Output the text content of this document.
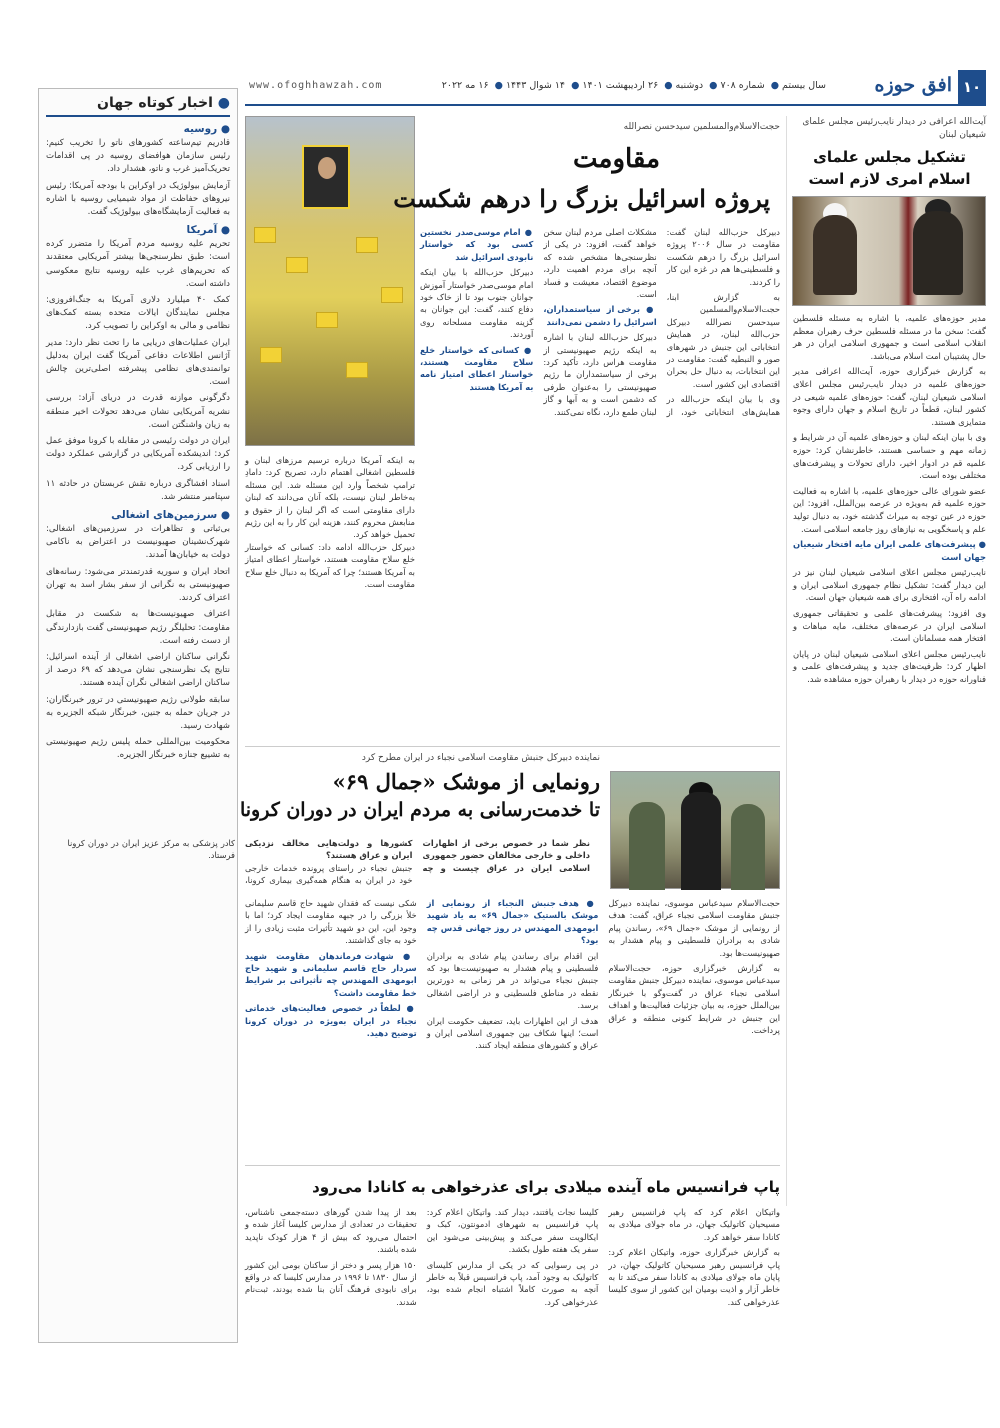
www.ofoghhawzah.com	سال بیستم● شماره ۷۰۸● دوشنبه● ۲۶ اردیبهشت ۱۴۰۱● ۱۴ شوال ۱۴۴۳● ۱۶ مه ۲۰۲۲	افق حوزه ۱۰
● اخبار کوتاه جهان
● روسیه

قادریم تیم‌ساعته کشورهای ناتو را تخریب کنیم: رئیس سازمان هوافضای روسیه در پی اقدامات تحریک‌آمیز غرب و ناتو، هشدار داد.

آزمایش بیولوژیک در اوکراین با بودجه آمریکا: رئیس نیروهای حفاظت از مواد شیمیایی روسیه با اشاره به فعالیت آزمایشگاه‌های بیولوژیک گفت.

● آمریکا

تحریم علیه روسیه مردم آمریکا را متضرر کرده است: طبق نظرسنجی‌ها بیشتر آمریکایی معتقدند که تحریم‌های غرب علیه روسیه نتایج معکوسی داشته است.

کمک ۴۰ میلیارد دلاری آمریکا به جنگ‌افروزی: مجلس نمایندگان ایالات متحده بسته کمک‌های نظامی و مالی به اوکراین را تصویب کرد.

ایران عملیات‌های دریایی ما را تحت نظر دارد: مدیر آژانس اطلاعات دفاعی آمریکا گفت ایران به‌دلیل توانمندی‌های نظامی پیشرفته اصلی‌ترین چالش است.

دگرگونی موازنه قدرت در دریای آزاد: بررسی نشریه آمریکایی نشان می‌دهد تحولات اخیر منطقه به زیان واشنگتن است.

ایران در دولت رئیسی در مقابله با کرونا موفق عمل کرد: اندیشکده آمریکایی در گزارشی عملکرد دولت را ارزیابی کرد.

اسناد افشاگری درباره نقش عربستان در حادثه ۱۱ سپتامبر منتشر شد.

● سرزمین‌های اشغالی

بی‌ثباتی و تظاهرات در سرزمین‌های اشغالی: شهرک‌نشینان صهیونیست در اعتراض به ناکامی دولت به خیابان‌ها آمدند.

اتحاد ایران و سوریه قدرتمندتر می‌شود: رسانه‌های صهیونیستی به نگرانی از سفر بشار اسد به تهران اعتراف کردند.

اعتراف صهیونیست‌ها به شکست در مقابل مقاومت: تحلیلگر رژیم صهیونیستی گفت بازدارندگی از دست رفته است.

نگرانی ساکنان اراضی اشغالی از آینده اسرائیل: نتایج یک نظرسنجی نشان می‌دهد که ۶۹ درصد از ساکنان اراضی اشغالی نگران آینده هستند.

سابقه طولانی رژیم صهیونیستی در ترور خبرنگاران: در جریان حمله به جنین، خبرنگار شبکه الجزیره به شهادت رسید.

محکومیت بین‌المللی حمله پلیس رژیم صهیونیستی به تشییع جنازه خبرنگار الجزیره.

حجت‌الاسلام‌والمسلمین سیدحسن نصرالله
مقاومت
پروژه اسرائیل بزرگ را درهم شکست

دبیرکل حزب‌الله لبنان گفت: مقاومت در سال ۲۰۰۶ پروژه اسرائیل بزرگ را درهم شکست و فلسطینی‌ها هم در غزه این کار را کردند.

به گزارش ابنا، حجت‌الاسلام‌والمسلمین سیدحسن نصرالله دبیرکل حزب‌الله لبنان، در همایش انتخاباتی این جنبش در شهرهای صور و النبطیه گفت: مقاومت در این انتخابات، به دنبال حل بحران اقتصادی این کشور است.

وی با بیان اینکه حزب‌الله در همایش‌های انتخاباتی خود، از مشکلات اصلی مردم لبنان سخن خواهد گفت، افزود: در یکی از نظرسنجی‌ها مشخص شده که آنچه برای مردم اهمیت دارد، موضوع اقتصاد، معیشت و فساد است.

● برخی از سیاستمداران، اسرائیل را دشمن نمی‌دانند

دبیرکل حزب‌الله لبنان با اشاره به اینکه رژیم صهیونیستی از مقاومت هراس دارد، تأکید کرد: برخی از سیاستمداران ما رژیم صهیونیستی را به‌عنوان طرفی که دشمن است و به آبها و گاز لبنان طمع دارد، نگاه نمی‌کنند.

● امام موسی‌صدر نخستین کسی بود که خواستار نابودی اسرائیل شد

دبیرکل حزب‌الله با بیان اینکه امام موسی‌صدر خواستار آموزش جوانان جنوب بود تا از خاک خود دفاع کنند، گفت: این جوانان به گزینه مقاومت مسلحانه روی آوردند.

● کسانی که خواستار خلع سلاح مقاومت هستند، خواستار اعطای امتیاز نامه به آمریکا هستند

به اینکه آمریکا درباره ترسیم مرزهای لبنان و فلسطین اشغالی اهتمام دارد، تصریح کرد: دامادِ ترامپ شخصاً وارد این مسئله شد. این مسئله به‌خاطر لبنان نیست، بلکه آنان می‌دانند که لبنان دارای مقاومتی است که اگر لبنان را از حقوق و منابعش محروم کنند، هزینه این کار را به این رژیم تحمیل خواهد کرد.

دبیرکل حزب‌الله ادامه داد: کسانی که خواستار خلع سلاح مقاومت هستند، خواستار اعطای امتیاز به آمریکا هستند؛ چرا که آمریکا به دنبال خلع سلاح مقاومت است.

آیت‌الله اعرافی در دیدار نایب‌رئیس مجلس علمای شیعیان لبنان
تشکیل مجلس علمای اسلام امری لازم است

مدیر حوزه‌های علمیه، با اشاره به مسئله فلسطین گفت: سخن ما در مسئله فلسطین حرف رهبران معظم انقلاب اسلامی است و جمهوری اسلامی ایران در هر حال پشتیبان امت اسلام می‌باشد.

به گزارش خبرگزاری حوزه، آیت‌الله اعرافی مدیر حوزه‌های علمیه در دیدار نایب‌رئیس مجلس اعلای اسلامی شیعیان لبنان، گفت: حوزه‌های علمیه شیعی در کشور لبنان، قطعاً در تاریخ اسلام و جهان دارای وجوه متمایزی هستند.

وی با بیان اینکه لبنان و حوزه‌های علمیه آن در شرایط و زمانه مهم و حساسی هستند، خاطرنشان کرد: حوزه علمیه قم در ادوار اخیر، دارای تحولات و پیشرفت‌های مختلفی بوده است.

عضو شورای عالی حوزه‌های علمیه، با اشاره به فعالیت حوزه علمیه قم به‌ویژه در عرصه بین‌الملل، افزود: این حوزه در عین توجه به میراث گذشته خود، به دنبال تولید علم و پاسخگویی به نیازهای روز جامعه اسلامی است.

● پیشرفت‌های علمی ایران مایه افتخار شیعیان جهان است

نایب‌رئیس مجلس اعلای اسلامی شیعیان لبنان نیز در این دیدار گفت: تشکیل نظام جمهوری اسلامی ایران و ادامه راه آن، افتخاری برای همه شیعیان جهان است.

وی افزود: پیشرفت‌های علمی و تحقیقاتی جمهوری اسلامی ایران در عرصه‌های مختلف، مایه مباهات و افتخار همه مسلمانان است.

نایب‌رئیس مجلس اعلای اسلامی شیعیان لبنان در پایان اظهار کرد: ظرفیت‌های جدید و پیشرفت‌های علمی و فناورانه حوزه در دیدار با رهبران حوزه مشاهده شد.

نماینده دبیرکل جنبش مقاومت اسلامی نجباء در ایران مطرح کرد
رونمایی از موشک «جمال ۶۹»
تا خدمت‌رسانی به مردم ایران در دوران کرونا

نظر شما در خصوص برخی از اظهارات داخلی و خارجی مخالفان حضور جمهوری اسلامی ایران در عراق چیست و چه کشورها و دولت‌هایی مخالف نزدیکی ایران و عراق هستند؟

جنبش نجباء در راستای پرونده خدمات خارجی خود در ایران به هنگام همه‌گیری بیماری کرونا، کادر پزشکی به مرکز عزیز ایران در دوران کرونا فرستاد.

حجت‌الاسلام سیدعباس موسوی، نماینده دبیرکل جنبش مقاومت اسلامی نجباء عراق، گفت: هدف از رونمایی از موشک «جمال ۶۹»، رساندن پیام شادی به برادران فلسطینی و پیام هشدار به صهیونیست‌ها بود.

به گزارش خبرگزاری حوزه، حجت‌الاسلام سیدعباس موسوی، نماینده دبیرکل جنبش مقاومت اسلامی نجباء عراق در گفت‌وگو با خبرنگار بین‌الملل حوزه، به بیان جزئیات فعالیت‌ها و اهداف این جنبش در شرایط کنونی منطقه و عراق پرداخت.

● هدف جنبش النجباء از رونمایی از موشک بالستیک «جمال ۶۹» به یاد شهید ابومهدی المهندس در روز جهانی قدس چه بود؟

این اقدام برای رساندن پیام شادی به برادران فلسطینی و پیام هشدار به صهیونیست‌ها بود که جنبش نجباء می‌تواند در هر زمانی به دورترین نقطه در مناطق فلسطینی و در اراضی اشغالی برسد.

هدف از این اظهارات باید، تضعیف حکومت ایران است؛ اینها شکاف بین جمهوری اسلامی ایران و عراق و کشورهای منطقه ایجاد کنند.

شکی نیست که فقدان شهید حاج قاسم سلیمانی خلأ بزرگی را در جبهه مقاومت ایجاد کرد؛ اما با وجود این، این دو شهید تأثیرات مثبت زیادی را از خود به جای گذاشتند.

● شهادت فرماندهان مقاومت شهید سردار حاج قاسم سلیمانی و شهید حاج ابومهدی المهندس چه تأثیراتی بر شرایط خط مقاومت داشت؟

● لطفاً در خصوص فعالیت‌های خدماتی نجباء در ایران به‌ویژه در دوران کرونا توضیح دهید.

پاپ فرانسیس ماه آینده میلادی برای عذرخواهی به کانادا می‌رود

واتیکان اعلام کرد که پاپ فرانسیس رهبر مسیحیان کاتولیک جهان، در ماه جولای میلادی به کانادا سفر خواهد کرد.

به گزارش خبرگزاری حوزه، واتیکان اعلام کرد: پاپ فرانسیس رهبر مسیحیان کاتولیک جهان، در پایان ماه جولای میلادی به کانادا سفر می‌کند تا به خاطر آزار و اذیت بومیان این کشور از سوی کلیسا عذرخواهی کند.

کلیسا نجات یافتند، دیدار کند. واتیکان اعلام کرد: پاپ فرانسیس به شهرهای ادمونتون، کبک و ایکالویت سفر می‌کند و پیش‌بینی می‌شود این سفر یک هفته طول بکشد.

در پی رسوایی که در یکی از مدارس کلیسای کاتولیک به وجود آمد، پاپ فرانسیس قبلاً به خاطر آنچه به صورت کاملاً اشتباه انجام شده بود، عذرخواهی کرد.

بعد از پیدا شدن گورهای دسته‌جمعی ناشناس، تحقیقات در تعدادی از مدارس کلیسا آغاز شده و احتمال می‌رود که بیش از ۴ هزار کودک ناپدید شده باشند.

۱۵۰ هزار پسر و دختر از ساکنان بومی این کشور از سال ۱۸۳۰ تا ۱۹۹۶ در مدارس کلیسا که در واقع برای نابودی فرهنگ آنان بنا شده بودند، ثبت‌نام شدند.
